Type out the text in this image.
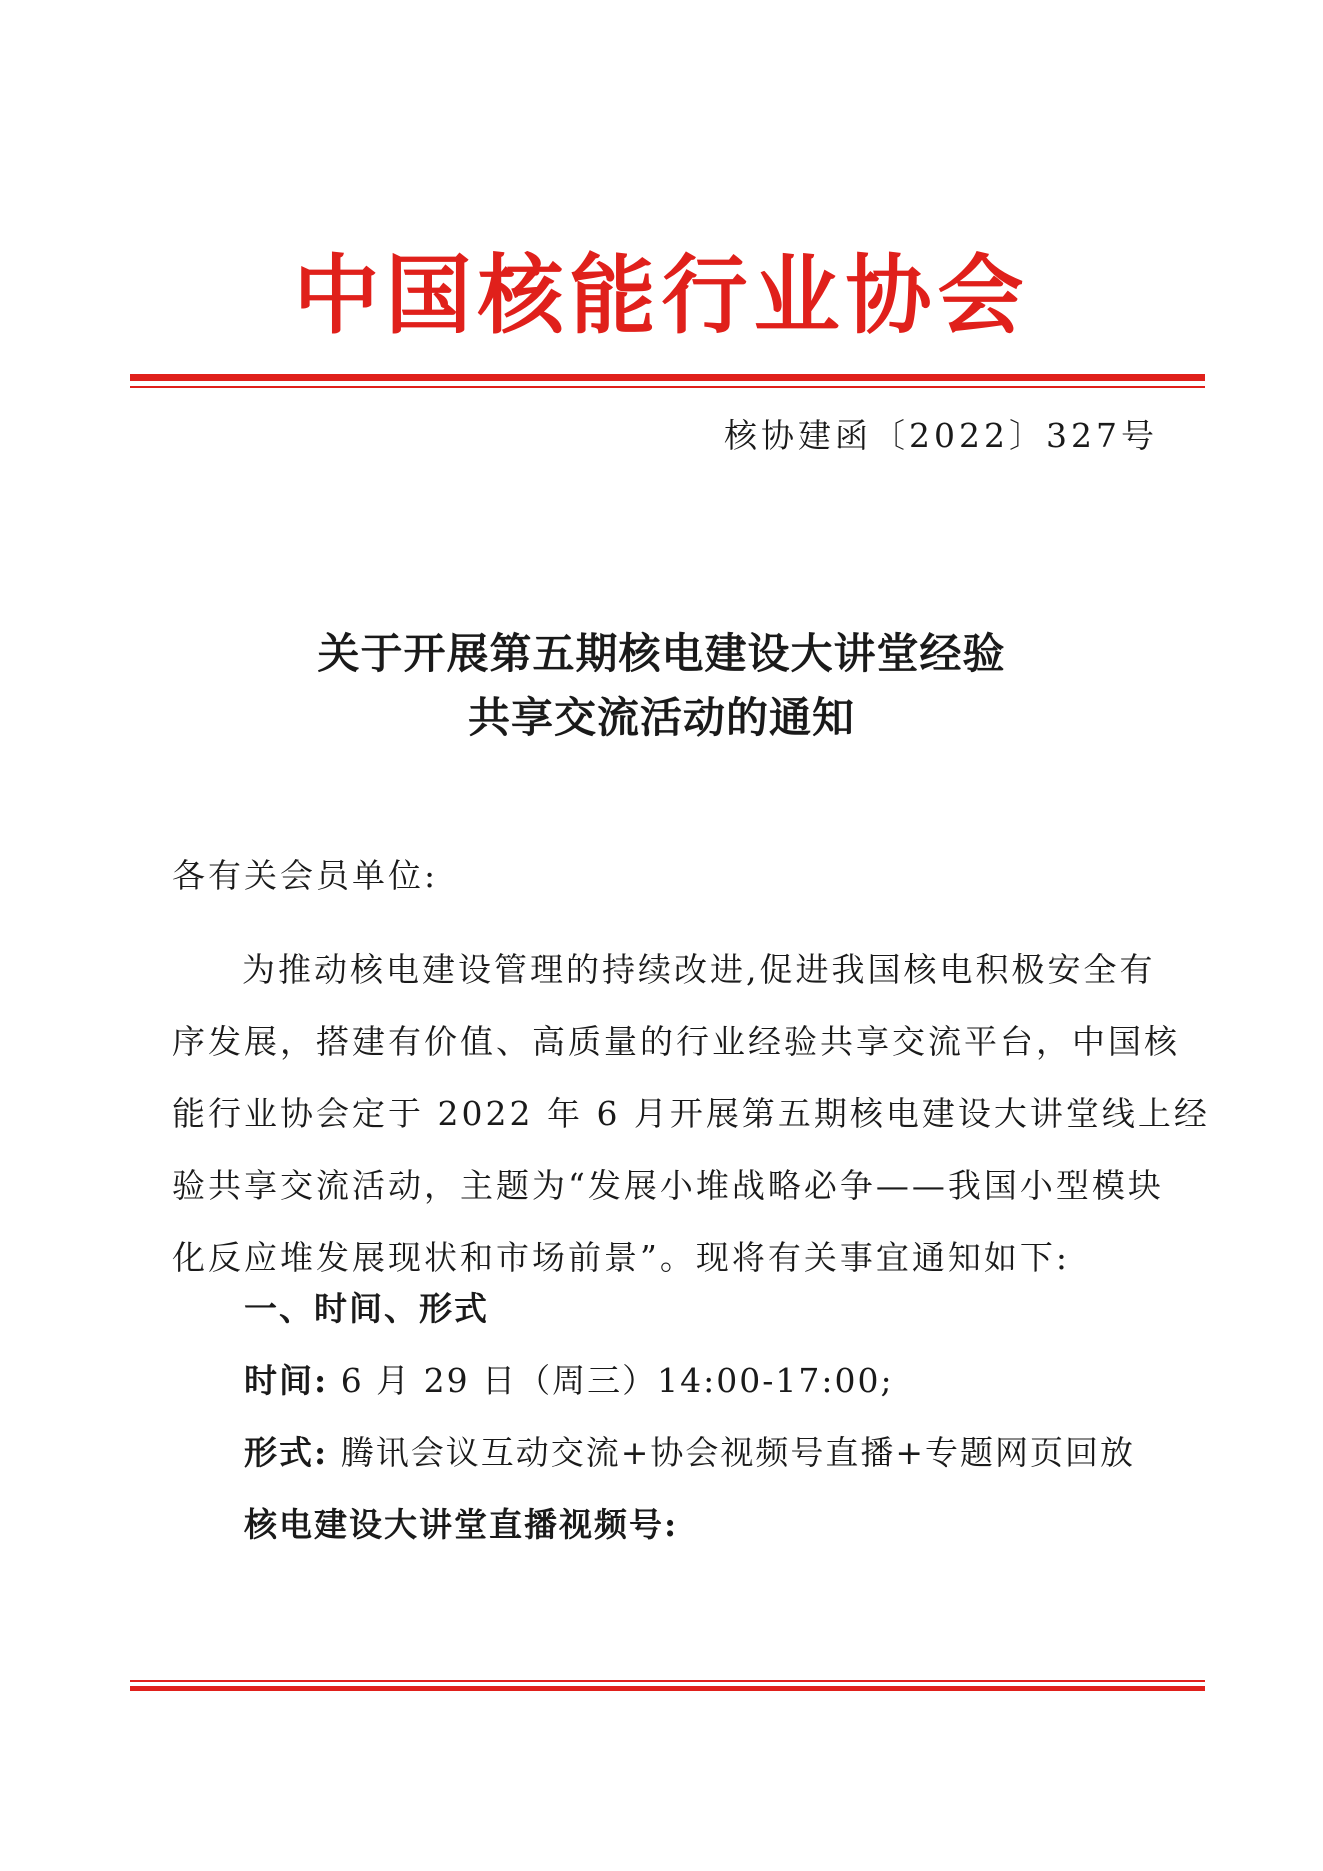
中国核能行业协会
核协建函〔2022〕327号
关于开展第五期核电建设大讲堂经验
共享交流活动的通知
各有关会员单位:
为推动核电建设管理的持续改进,促进我国核电积极安全有
序发展，搭建有价值、高质量的行业经验共享交流平台，中国核
能行业协会定于 2022 年 6 月开展第五期核电建设大讲堂线上经
验共享交流活动，主题为“发展小堆战略必争——我国小型模块
化反应堆发展现状和市场前景”。现将有关事宜通知如下:
一、时间、形式
时间: 6 月 29 日（周三）14:00-17:00;
形式: 腾讯会议互动交流+协会视频号直播+专题网页回放
核电建设大讲堂直播视频号:
